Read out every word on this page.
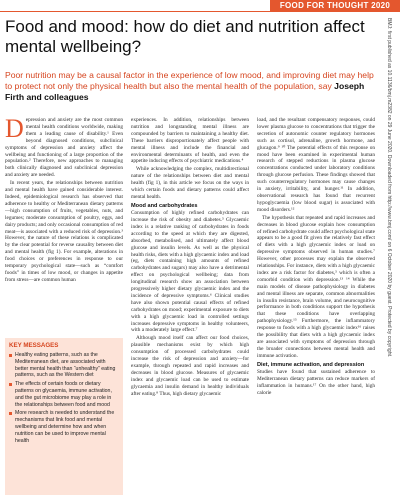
FOOD FOR THOUGHT 2020
Food and mood: how do diet and nutrition affect mental wellbeing?

Poor nutrition may be a causal factor in the experience of low mood, and improving diet may help to protect not only the physical health but also the mental health of the population, say Joseph Firth and colleagues

Depression and anxiety are the most common mental health conditions worldwide, making them a leading cause of disability.¹ Even beyond diagnosed conditions, subclinical symptoms of depression and anxiety affect the wellbeing and functioning of a large proportion of the population.² Therefore, new approaches to managing both clinically diagnosed and subclinical depression and anxiety are needed.

In recent years, the relationships between nutrition and mental health have gained considerable interest. Indeed, epidemiological research has observed that adherence to healthy or Mediterranean dietary patterns—high consumption of fruits, vegetables, nuts, and legumes; moderate consumption of poultry, eggs, and dairy products; and only occasional consumption of red meat—is associated with a reduced risk of depression.³ However, the nature of these relations is complicated by the clear potential for reverse causality between diet and mental health (fig 1). For example, alterations in food choices or preferences in response to our temporary psychological state—such as “comfort foods” in times of low mood, or changes in appetite from stress—are common human

KEY MESSAGES
Healthy eating patterns, such as the Mediterranean diet, are associated with better mental health than “unhealthy” eating patterns, such as the Western diet
The effects of certain foods or dietary patterns on glycaemia, immune activation, and the gut microbiome may play a role in the relationships between food and mood
More research is needed to understand the mechanisms that link food and mental wellbeing and determine how and when nutrition can be used to improve mental health

experiences. In addition, relationships between nutrition and longstanding mental illness are compounded by barriers to maintaining a healthy diet. These barriers disproportionately affect people with mental illness and include the financial and environmental determinants of health, and even the appetite inducing effects of psychiatric medications.⁴

While acknowledging the complex, multidirectional nature of the relationships between diet and mental health (fig 1), in this article we focus on the ways in which certain foods and dietary patterns could affect mental health.

Mood and carbohydrates

Consumption of highly refined carbohydrates can increase the risk of obesity and diabetes.⁵ Glycaemic index is a relative ranking of carbohydrates in foods according to the speed at which they are digested, absorbed, metabolised, and ultimately affect blood glucose and insulin levels. As well as the physical health risks, diets with a high glycaemic index and load (eg, diets containing high amounts of refined carbohydrates and sugars) may also have a detrimental effect on psychological wellbeing; data from longitudinal research show an association between progressively higher dietary glycaemic index and the incidence of depressive symptoms.⁶ Clinical studies have also shown potential causal effects of refined carbohydrates on mood; experimental exposure to diets with a high glycaemic load in controlled settings increases depressive symptoms in healthy volunteers, with a moderately large effect.⁷

Although mood itself can affect our food choices, plausible mechanisms exist by which high consumption of processed carbohydrates could increase the risk of depression and anxiety—for example, through repeated and rapid increases and decreases in blood glucose. Measures of glycaemic index and glycaemic load can be used to estimate glycaemia and insulin demand in healthy individuals after eating.⁸ Thus, high dietary glycaemic

load, and the resultant compensatory responses, could lower plasma glucose to concentrations that trigger the secretion of autonomic counter regulatory hormones such as cortisol, adrenaline, growth hormone, and glucagon.⁹ ¹⁰ The potential effects of this response on mood have been examined in experimental human research of stepped reductions in plasma glucose concentrations conducted under laboratory conditions through glucose perfusion. These findings showed that such counterregulatory hormones may cause changes in anxiety, irritability, and hunger.¹¹ In addition, observational research has found that recurrent hypoglycaemia (low blood sugar) is associated with mood disorders.¹²

The hypothesis that repeated and rapid increases and decreases in blood glucose explain how consumption of refined carbohydrate could affect psychological state appears to be a good fit given the relatively fast effect of diets with a high glycaemic index or load on depressive symptoms observed in human studies.⁷ However, other processes may explain the observed relationships. For instance, diets with a high glycaemic index are a risk factor for diabetes,⁵ which is often a comorbid condition with depression.¹³ ¹⁴ While the main models of disease pathophysiology in diabetes and mental illness are separate, common abnormalities in insulin resistance, brain volume, and neurocognitive performance in both conditions support the hypothesis that these conditions have overlapping pathophysiology.¹⁵ Furthermore, the inflammatory response to foods with a high glycaemic index¹⁶ raises the possibility that diets with a high glycaemic index are associated with symptoms of depression through the broader connections between mental health and immune activation.

Diet, immune activation, and depression

Studies have found that sustained adherence to Mediterranean dietary patterns can reduce markers of inflammation in humans.¹⁷ On the other hand, high calorie

BMJ: first published as 10.1136/bmj.m2382 on 29 June 2020. Downloaded from http://www.bmj.com/ on 6 October 2020 by guest. Protected by copyright.
